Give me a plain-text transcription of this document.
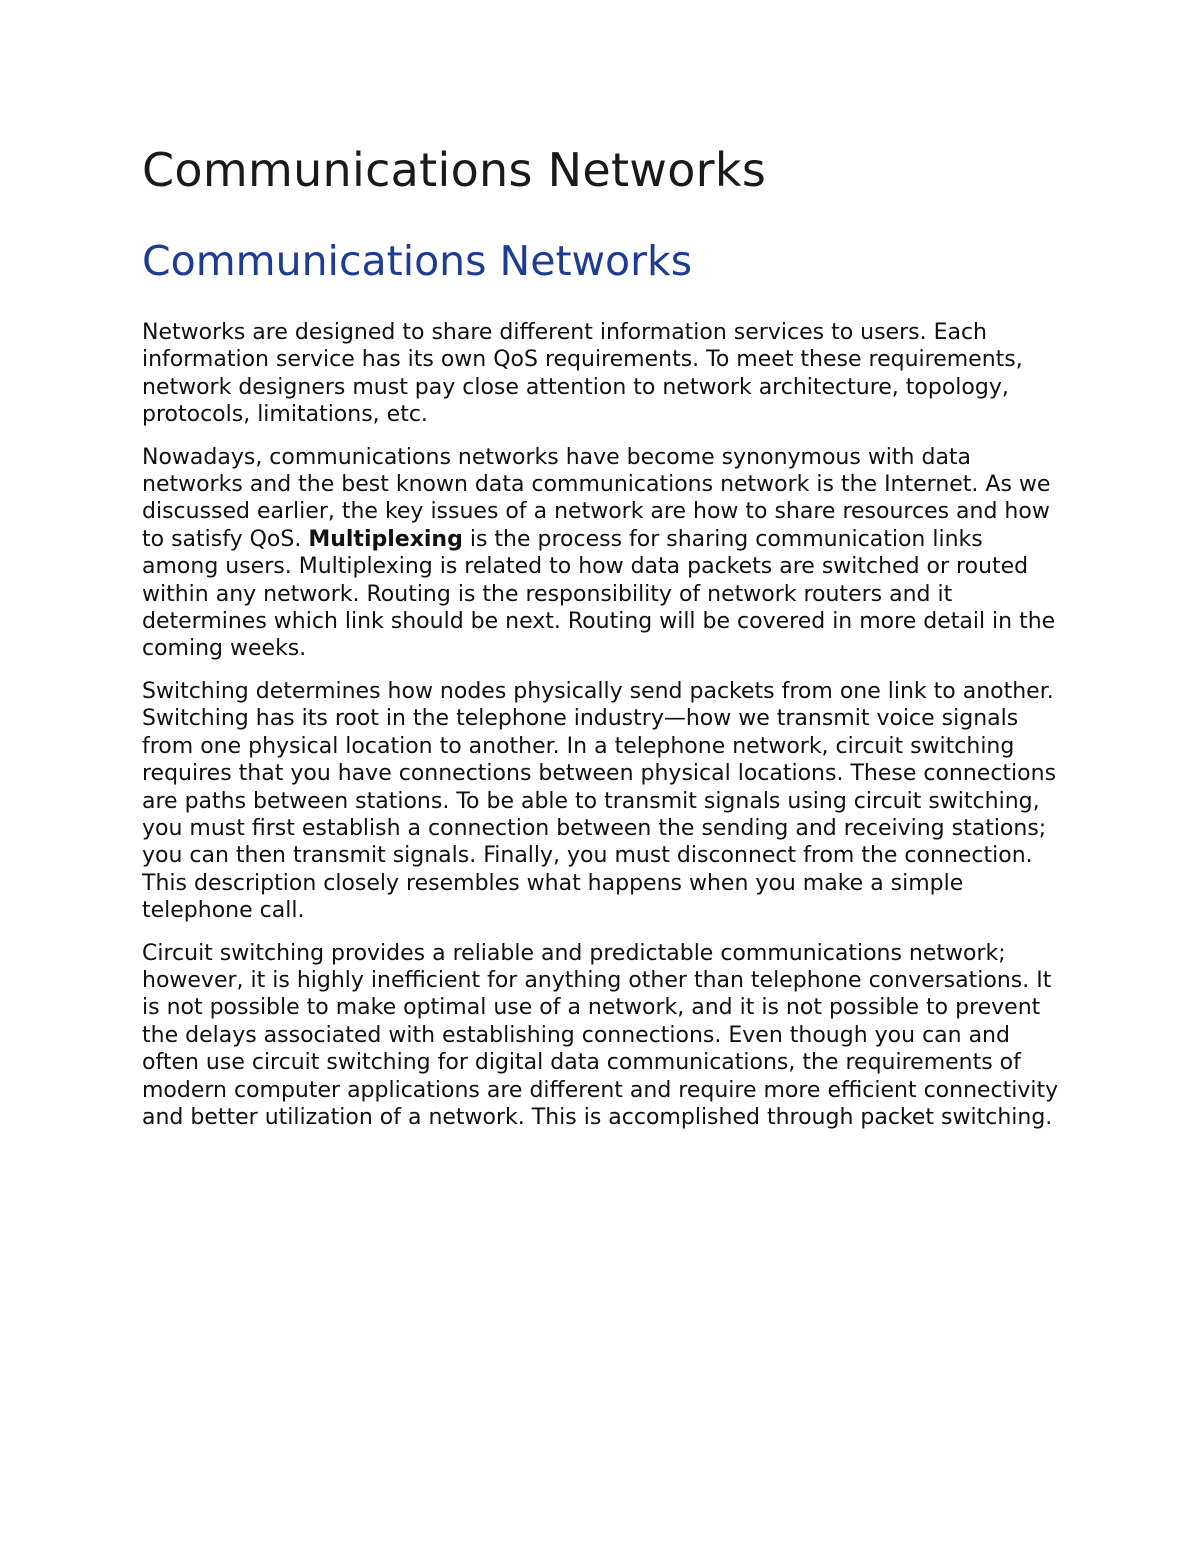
Communications Networks
Communications Networks

Networks are designed to share different information services to users. Each information service has its own QoS requirements. To meet these requirements, network designers must pay close attention to network architecture, topology, protocols, limitations, etc.

Nowadays, communications networks have become synonymous with data networks and the best known data communications network is the Internet. As we discussed earlier, the key issues of a network are how to share resources and how to satisfy QoS. Multiplexing is the process for sharing communication links among users. Multiplexing is related to how data packets are switched or routed within any network. Routing is the responsibility of network routers and it determines which link should be next. Routing will be covered in more detail in the coming weeks.

Switching determines how nodes physically send packets from one link to another. Switching has its root in the telephone industry—how we transmit voice signals from one physical location to another. In a telephone network, circuit switching requires that you have connections between physical locations. These connections are paths between stations. To be able to transmit signals using circuit switching, you must first establish a connection between the sending and receiving stations; you can then transmit signals. Finally, you must disconnect from the connection. This description closely resembles what happens when you make a simple telephone call.

Circuit switching provides a reliable and predictable communications network; however, it is highly inefficient for anything other than telephone conversations. It is not possible to make optimal use of a network, and it is not possible to prevent the delays associated with establishing connections. Even though you can and often use circuit switching for digital data communications, the requirements of modern computer applications are different and require more efficient connectivity and better utilization of a network. This is accomplished through packet switching.
